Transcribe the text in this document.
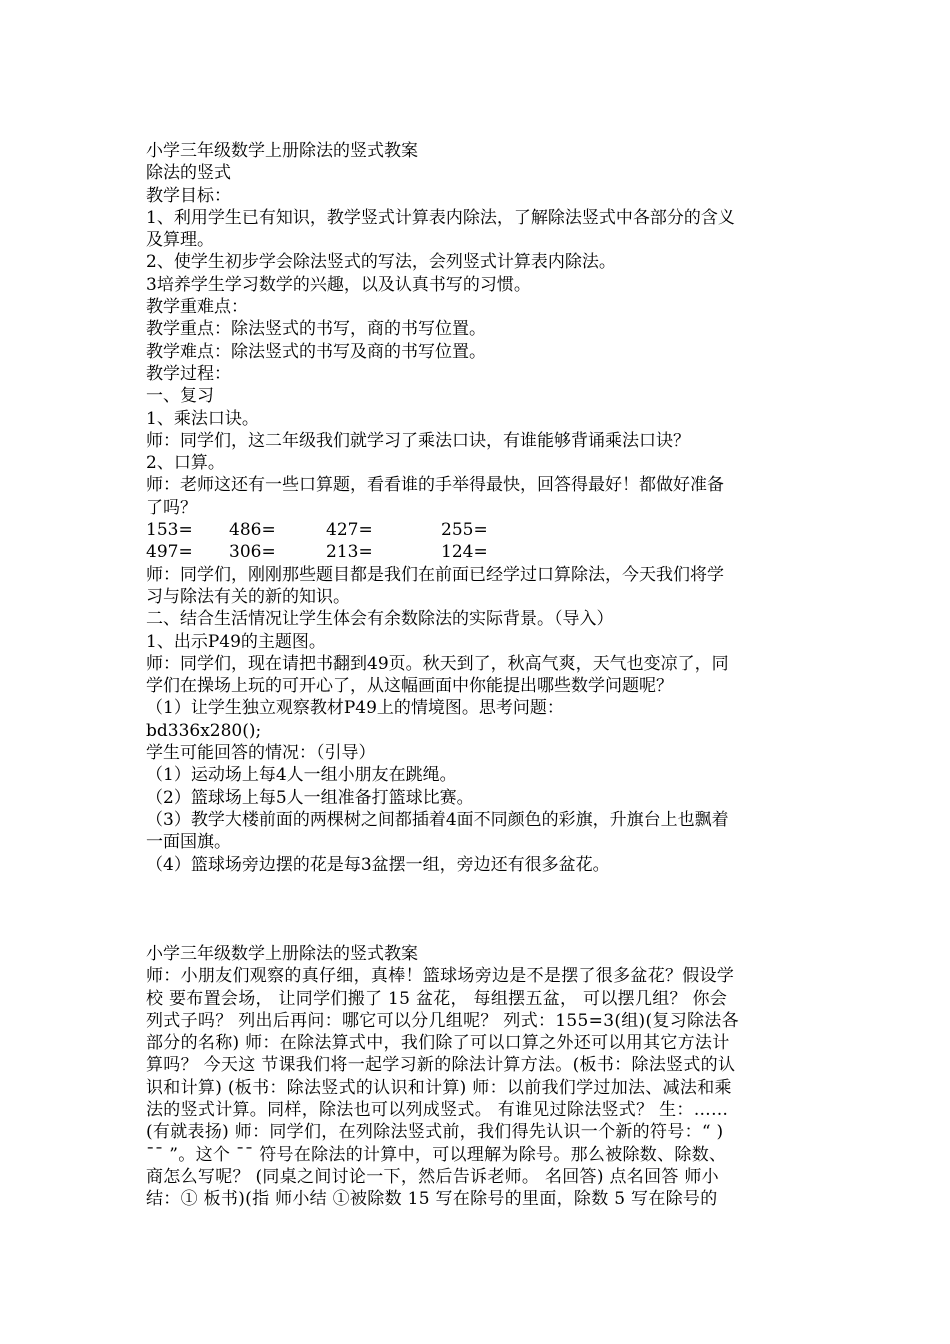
小学三年级数学上册除法的竖式教案
除法的竖式
教学目标：
1、利用学生已有知识，教学竖式计算表内除法，了解除法竖式中各部分的含义
及算理。
2、使学生初步学会除法竖式的写法，会列竖式计算表内除法。
3培养学生学习数学的兴趣，以及认真书写的习惯。
教学重难点：
教学重点：除法竖式的书写，商的书写位置。
教学难点：除法竖式的书写及商的书写位置。
教学过程：
一、复习
1、乘法口诀。
师：同学们，这二年级我们就学习了乘法口诀，有谁能够背诵乘法口诀？
2、口算。
师：老师这还有一些口算题，看看谁的手举得最快，回答得最好！都做好准备
了吗？
153= 486=	427=	255=
497= 306=	213=	124=
师：同学们，刚刚那些题目都是我们在前面已经学过口算除法，今天我们将学
习与除法有关的新的知识。
二、结合生活情况让学生体会有余数除法的实际背景。（导入）
1、出示P49的主题图。
师：同学们，现在请把书翻到49页。秋天到了，秋高气爽，天气也变凉了，同
学们在操场上玩的可开心了，从这幅画面中你能提出哪些数学问题呢？
（1）让学生独立观察教材P49上的情境图。思考问题：
bd336x280();
学生可能回答的情况：（引导）
（1）运动场上每4人一组小朋友在跳绳。
（2）篮球场上每5人一组准备打篮球比赛。
（3）教学大楼前面的两棵树之间都插着4面不同颜色的彩旗，升旗台上也飘着
一面国旗。
（4）篮球场旁边摆的花是每3盆摆一组，旁边还有很多盆花。
小学三年级数学上册除法的竖式教案
师：小朋友们观察的真仔细，真棒！篮球场旁边是不是摆了很多盆花？假设学
校 要布置会场， 让同学们搬了 15 盆花， 每组摆五盆， 可以摆几组？ 你会
列式子吗？ 列出后再问：哪它可以分几组呢？ 列式：155=3(组)(复习除法各
部分的名称) 师：在除法算式中，我们除了可以口算之外还可以用其它方法计
算吗？ 今天这 节课我们将一起学习新的除法计算方法。(板书：除法竖式的认
识和计算) (板书：除法竖式的认识和计算) 师：以前我们学过加法、减法和乘
法的竖式计算。同样，除法也可以列成竖式。 有谁见过除法竖式？ 生：……
(有就表扬) 师：同学们，在列除法竖式前，我们得先认识一个新的符号：“ )
¯¯ ”。这个 ¯¯ 符号在除法的计算中，可以理解为除号。那么被除数、除数、
商怎么写呢？ (同桌之间讨论一下，然后告诉老师。 名回答) 点名回答 师小
结：① 板书)(指 师小结 ①被除数 15 写在除号的里面，除数 5 写在除号的
